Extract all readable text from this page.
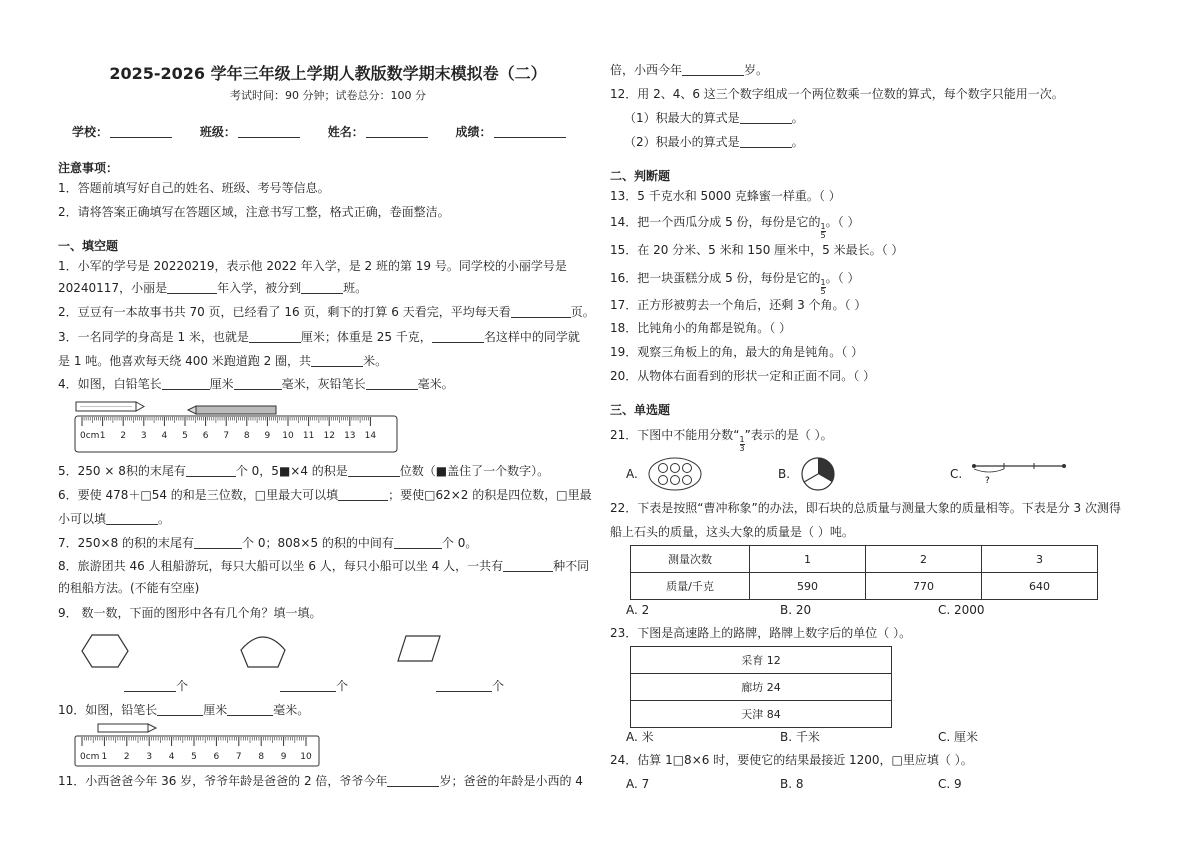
2025-2026 学年三年级上学期人教版数学期末模拟卷（二）
考试时间：90 分钟；试卷总分：100 分
学校：	班级：	姓名：	成绩：
注意事项：
1．答题前填写好自己的姓名、班级、考号等信息。
2．请将答案正确填写在答题区域，注意书写工整，格式正确，卷面整洁。
一、填空题
1．小军的学号是 20220219，表示他 2022 年入学，是 2 班的第 19 号。同学校的小丽学号是
20240117，小丽是	年入学，被分到	班。
2．豆豆有一本故事书共 70 页，已经看了 16 页，剩下的打算 6 天看完，平均每天看	页。
3．一名同学的身高是 1 米，也就是	厘米；体重是 25 千克，	名这样中的同学就
是 1 吨。他喜欢每天绕 400 米跑道跑 2 圈，共	米。
4．如图，白铅笔长	厘米	毫米，灰铅笔长	毫米。
0cm 1 2 3 4 5 6 7 8 9 10 11 12 13 14
5．250 × 8积的末尾有	个 0，5■×4 的积是	位数（■盖住了一个数字）。
6．要使 478＋□54 的和是三位数，□里最大可以填	；要使□62×2 的积是四位数，□里最
小可以填	。
7．250×8 的积的末尾有	个 0；808×5 的积的中间有	个 0。
8．旅游团共 46 人租船游玩，每只大船可以坐 6 人，每只小船可以坐 4 人，一共有	种不同
的租船方法。(不能有空座)
9． 数一数，下面的图形中各有几个角？填一填。
个	个	个
10．如图，铅笔长	厘米	毫米。
0cm 1 2 3 4 5 6 7 8 9 10
11．小西爸爸今年 36 岁，爷爷年龄是爸爸的 2 倍，爷爷今年	岁；爸爸的年龄是小西的 4
倍，小西今年	岁。
12．用 2、4、6 这三个数字组成一个两位数乘一位数的算式，每个数字只能用一次。
（1）积最大的算式是	。
（2）积最小的算式是	。
二、判断题
13．5 千克水和 5000 克蜂蜜一样重。（ ）
14．把一个西瓜分成 5 份，每份是它的
$\frac{1}{5}$
。（ ）
15．在 20 分米、5 米和 150 厘米中，5 米最长。（ ）
16．把一块蛋糕分成 5 份，每份是它的
$\frac{1}{5}$
。（ ）
17．正方形被剪去一个角后，还剩 3 个角。（ ）
18．比钝角小的角都是锐角。（ ）
19．观察三角板上的角，最大的角是钝角。（ ）
20．从物体右面看到的形状一定和正面不同。（ ）
三、单选题
21．下图中不能用分数“
$\frac{1}{3}$
”表示的是（ ）。
A.	B.	C.	?
22．下表是按照“曹冲称象”的办法，即石块的总质量与测量大象的质量相等。下表是分 3 次测得
船上石头的质量，这头大象的质量是（ ）吨。
测量次数	1	2	3
质量/千克	590	770	640
A. 2	B. 20	C. 2000
23．下图是高速路上的路牌，路牌上数字后的单位（ ）。
采育 12
廊坊 24
天津 84
A. 米	B. 千米	C. 厘米
24．估算 1□8×6 时，要使它的结果最接近 1200，□里应填（ ）。
A. 7	B. 8	C. 9
